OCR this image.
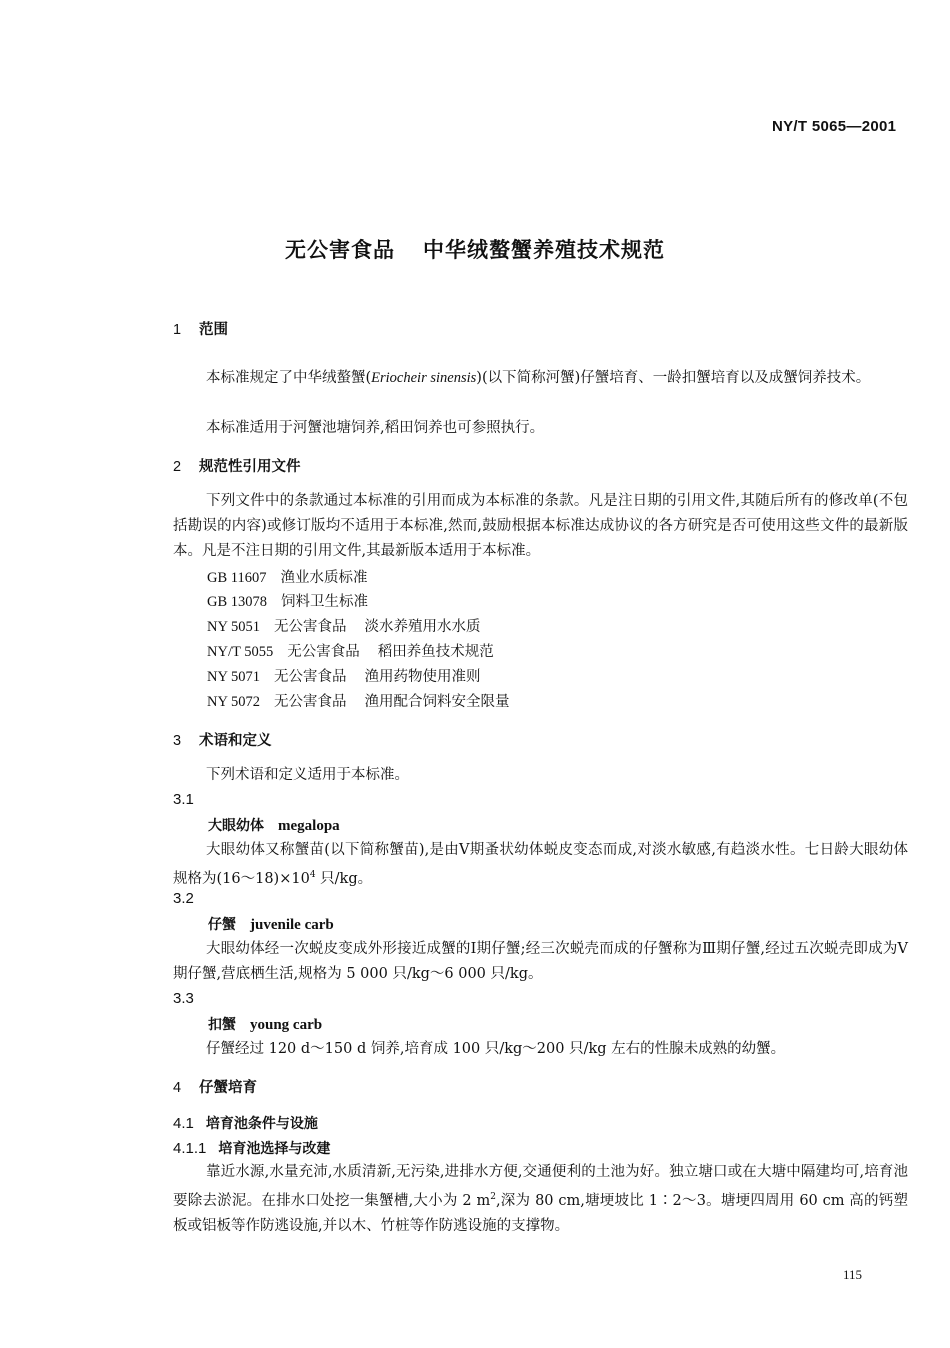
NY/T 5065—2001
无公害食品 中华绒螯蟹养殖技术规范
1 范围
本标准规定了中华绒螯蟹(Eriocheir sinensis)(以下简称河蟹)仔蟹培育、一龄扣蟹培育以及成蟹饲养技术。
本标准适用于河蟹池塘饲养,稻田饲养也可参照执行。
2 规范性引用文件
下列文件中的条款通过本标准的引用而成为本标准的条款。凡是注日期的引用文件,其随后所有的修改单(不包括勘误的内容)或修订版均不适用于本标准,然而,鼓励根据本标准达成协议的各方研究是否可使用这些文件的最新版本。凡是不注日期的引用文件,其最新版本适用于本标准。
GB 11607 渔业水质标准
GB 13078 饲料卫生标准
NY 5051 无公害食品 淡水养殖用水水质
NY/T 5055 无公害食品 稻田养鱼技术规范
NY 5071 无公害食品 渔用药物使用准则
NY 5072 无公害食品 渔用配合饲料安全限量
3 术语和定义
下列术语和定义适用于本标准。
3.1
大眼幼体 megalopa
大眼幼体又称蟹苗(以下简称蟹苗),是由Ⅴ期蚤状幼体蜕皮变态而成,对淡水敏感,有趋淡水性。七日龄大眼幼体规格为$(16\sim 18)\times 10^4$ 只/kg。
3.2
仔蟹 juvenile carb
大眼幼体经一次蜕皮变成外形接近成蟹的Ⅰ期仔蟹;经三次蜕壳而成的仔蟹称为Ⅲ期仔蟹,经过五次蜕壳即成为Ⅴ期仔蟹,营底栖生活,规格为 5 000 只/kg～6 000 只/kg。
3.3
扣蟹 young carb
仔蟹经过 120 d～150 d 饲养,培育成 100 只/kg～200 只/kg 左右的性腺未成熟的幼蟹。
4 仔蟹培育
4.1 培育池条件与设施
4.1.1 培育池选择与改建
靠近水源,水量充沛,水质清新,无污染,进排水方便,交通便利的土池为好。独立塘口或在大塘中隔建均可,培育池要除去淤泥。在排水口处挖一集蟹槽,大小为 2 $m^2$,深为 80 cm,塘埂坡比 1∶2～3。塘埂四周用 60 cm 高的钙塑板或铝板等作防逃设施,并以木、竹桩等作防逃设施的支撑物。
115
